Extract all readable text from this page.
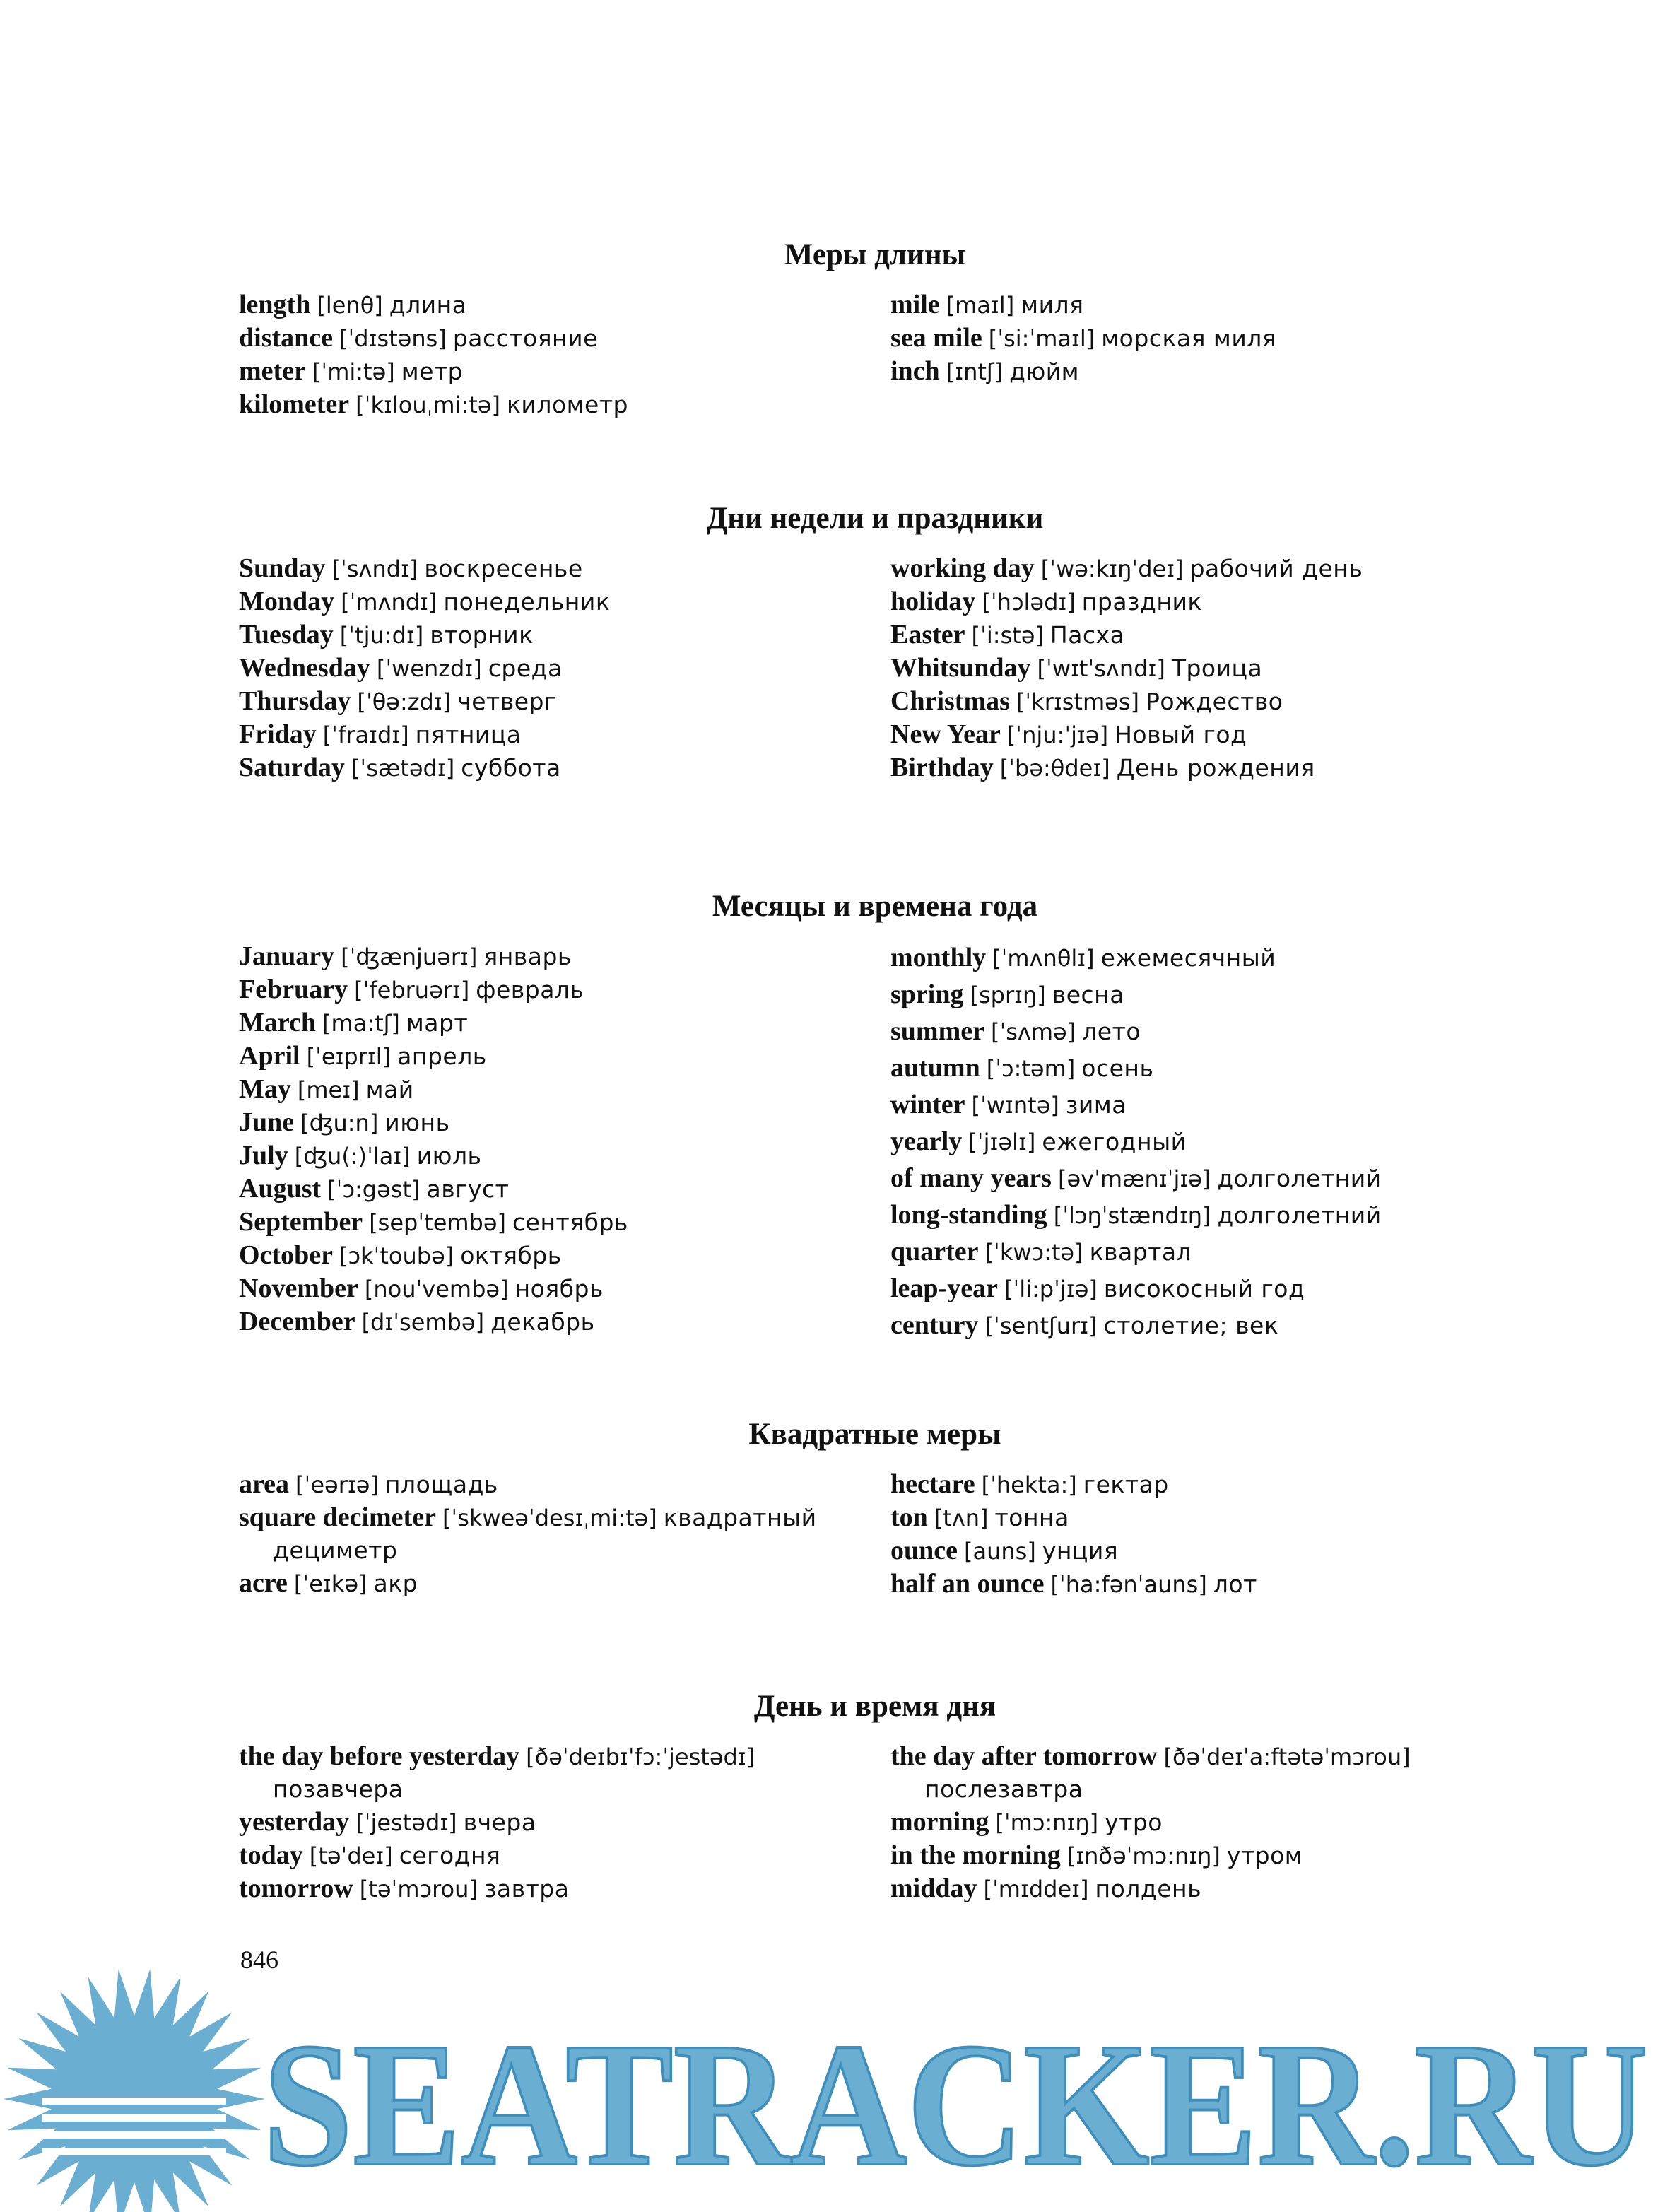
Меры длины
length [lenθ] длина
distance [ˈdɪstəns] расстояние
meter [ˈmi:tə] метр
kilometer [ˈkɪlouˌmi:tə] километр
mile [maɪl] миля
sea mile [ˈsi:ˈmaɪl] морская миля
inch [ɪntʃ] дюйм
Дни недели и праздники
Sunday [ˈsʌndɪ] воскресенье
Monday [ˈmʌndɪ] понедельник
Tuesday [ˈtju:dɪ] вторник
Wednesday [ˈwenzdɪ] среда
Thursday [ˈθə:zdɪ] четверг
Friday [ˈfraɪdɪ] пятница
Saturday [ˈsætədɪ] суббота
working day [ˈwə:kɪŋˈdeɪ] рабочий день
holiday [ˈhɔlədɪ] праздник
Easter [ˈi:stə] Пасха
Whitsunday [ˈwɪtˈsʌndɪ] Троица
Christmas [ˈkrɪstməs] Рождество
New Year [ˈnju:ˈjɪə] Новый год
Birthday [ˈbə:θdeɪ] День рождения
Месяцы и времена года
January [ˈʤænjuərɪ] январь
February [ˈfebruərɪ] февраль
March [ma:tʃ] март
April [ˈeɪprɪl] апрель
May [meɪ] май
June [ʤu:n] июнь
July [ʤu(:)ˈlaɪ] июль
August [ˈɔ:gəst] август
September [sepˈtembə] сентябрь
October [ɔkˈtoubə] октябрь
November [nouˈvembə] ноябрь
December [dɪˈsembə] декабрь
monthly [ˈmʌnθlɪ] ежемесячный
spring [sprɪŋ] весна
summer [ˈsʌmə] лето
autumn [ˈɔ:təm] осень
winter [ˈwɪntə] зима
yearly [ˈjɪəlɪ] ежегодный
of many years [əvˈmænɪˈjɪə] долголетний
long-standing [ˈlɔŋˈstændɪŋ] долголетний
quarter [ˈkwɔ:tə] квартал
leap-year [ˈli:pˈjɪə] високосный год
century [ˈsentʃurɪ] столетие; век
Квадратные меры
area [ˈeərɪə] площадь
square decimeter [ˈskweəˈdesɪˌmi:tə] квадратный
дециметр
acre [ˈeɪkə] акр
hectare [ˈhekta:] гектар
ton [tʌn] тонна
ounce [auns] унция
half an ounce [ˈha:fənˈauns] лот
День и время дня
the day before yesterday [ðəˈdeɪbɪˈfɔ:ˈjestədɪ]
позавчера
yesterday [ˈjestədɪ] вчера
today [təˈdeɪ] сегодня
tomorrow [təˈmɔrou] завтра
the day after tomorrow [ðəˈdeɪˈa:ftətəˈmɔrou]
послезавтра
morning [ˈmɔ:nɪŋ] утро
in the morning [ɪnðəˈmɔ:nɪŋ] утром
midday [ˈmɪddeɪ] полдень
846
SEATRACKER.RU
